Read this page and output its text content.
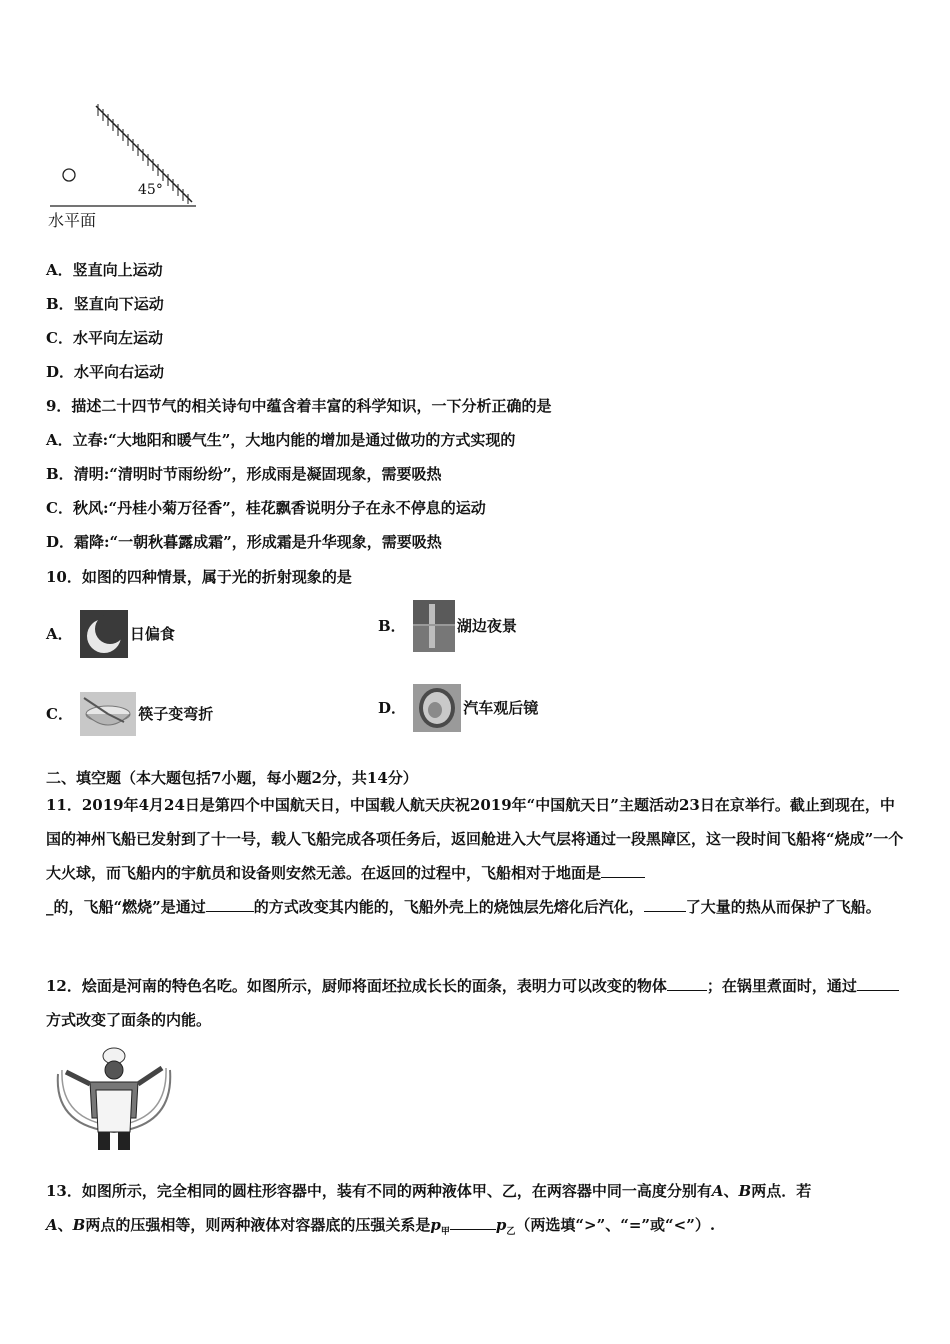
45°
水平面
A．竖直向上运动
B．竖直向下运动
C．水平向左运动
D．水平向右运动
9．描述二十四节气的相关诗句中蕴含着丰富的科学知识，一下分析正确的是
A．立春:“大地阳和暖气生”，大地内能的增加是通过做功的方式实现的
B．清明:“清明时节雨纷纷”，形成雨是凝固现象，需要吸热
C．秋风:“丹桂小菊万径香”，桂花飘香说明分子在永不停息的运动
D．霜降:“一朝秋暮露成霜”，形成霜是升华现象，需要吸热
10．如图的四种情景，属于光的折射现象的是
A．	日偏食	B．	湖边夜景
C．	筷子变弯折	D．	汽车观后镜
二、填空题（本大题包括7小题，每小题2分，共14分）
11．2019年4月24日是第四个中国航天日，中国载人航天庆祝2019年“中国航天日”主题活动23日在京举行。截止到现在，中国的神州飞船已发射到了十一号，载人飞船完成各项任务后，返回舱进入大气层将通过一段黑障区，这一段时间飞船将“烧成”一个大火球，而飞船内的宇航员和设备则安然无恙。在返回的过程中，飞船相对于地面是
_的，飞船“燃烧”是通过	的方式改变其内能的，飞船外壳上的烧蚀层先熔化后汽化，	了大量的热从而保护了飞船。
12．烩面是河南的特色名吃。如图所示，厨师将面坯拉成长长的面条，表明力可以改变的物体	；在锅里煮面时，通过方式改变了面条的内能。
13．如图所示，完全相同的圆柱形容器中，装有不同的两种液体甲、乙，在两容器中同一高度分别有A、B两点．若
A、B两点的压强相等，则两种液体对容器底的压强关系是$p_甲$	$p_乙$（两选填“>”、“=”或“<”）.
